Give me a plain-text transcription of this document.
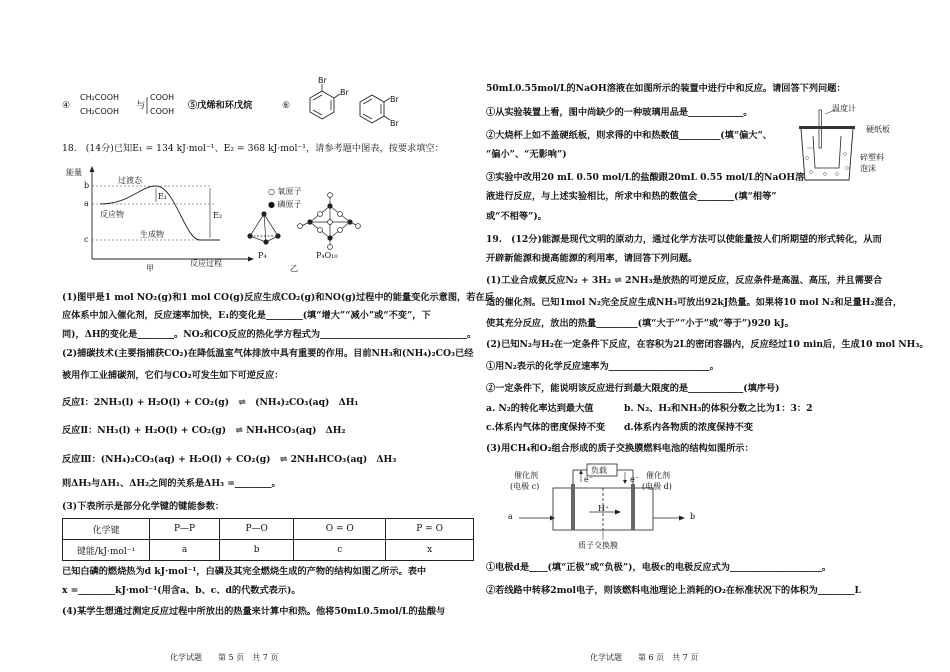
④
CH₂COOH
CH₂COOH
与
COOH
COOH
⑤戊烯和环戊烷	⑥
Br
Br
Br
Br
18.　(14分)已知E₁ = 134 kJ·mol⁻¹、E₂ = 368 kJ·mol⁻¹，请参考题中图表，按要求填空：
能量
b
a
c
过渡态
反应物
生成物
E₁
E₂
反应过程
甲
○ 氧原子
● 磷原子
P₄	P₄O₁₀
乙
(1)图甲是1 mol NO₂(g)和1 mol CO(g)反应生成CO₂(g)和NO(g)过程中的能量变化示意图，若在反
应体系中加入催化剂，反应速率加快，E₁的变化是________(填“增大”“减小”或“不变”，下
同)，ΔH的变化是________。NO₂和CO反应的热化学方程式为________________________________。
(2)捕碳技术(主要指捕获CO₂)在降低温室气体排放中具有重要的作用。目前NH₃和(NH₄)₂CO₃已经
被用作工业捕碳剂，它们与CO₂可发生如下可逆反应：
反应Ⅰ：2NH₃(l) + H₂O(l) + CO₂(g)　⇌　(NH₄)₂CO₃(aq)　ΔH₁
反应Ⅱ：NH₃(l) + H₂O(l) + CO₂(g)　⇌ NH₄HCO₃(aq)　ΔH₂
反应Ⅲ：(NH₄)₂CO₃(aq) + H₂O(l) + CO₂(g)　⇌ 2NH₄HCO₃(aq)　ΔH₃
则ΔH₃与ΔH₁、ΔH₂之间的关系是ΔH₃ =________。
(3)下表所示是部分化学键的键能参数：
化学键	P—P	P—O	O = O	P = O
键能/kJ·mol⁻¹	a	b	c	x
已知白磷的燃烧热为d kJ·mol⁻¹，白磷及其完全燃烧生成的产物的结构如图乙所示。表中
x =________kJ·mol⁻¹(用含a、b、c、d的代数式表示)。
(4)某学生想通过测定反应过程中所放出的热量来计算中和热。他将50mL0.5mol/L的盐酸与
化学试题　　第 5 页　共 7 页
50mL0.55mol/L的NaOH溶液在如图所示的装置中进行中和反应。请回答下列问题：
①从实验装置上看，图中尚缺少的一种玻璃用品是____________。
②大烧杯上如不盖硬纸板，则求得的中和热数值_________(填“偏大”、
“偏小”、“无影响”)
③实验中改用20 mL 0.50 mol/L的盐酸跟20mL 0.55 mol/L的NaOH溶
液进行反应，与上述实验相比，所求中和热的数值会________(填“相等”
或“不相等”)。
温度计
硬纸板
碎塑料
泡沫
19.　(12分)能源是现代文明的原动力，通过化学方法可以使能量按人们所期望的形式转化，从而
开辟新能源和提高能源的利用率，请回答下列问题。
(1)工业合成氨反应N₂ + 3H₂ ⇌ 2NH₃是放热的可逆反应，反应条件是高温、高压，并且需要合
适的催化剂。已知1mol N₂完全反应生成NH₃可放出92kJ热量。如果将10 mol N₂和足量H₂混合，
使其充分反应，放出的热量_________(填“大于”“小于”或“等于”)920 kJ。
(2)已知N₂与H₂在一定条件下反应，在容积为2L的密闭容器内，反应经过10 min后，生成10 mol NH₃。
①用N₂表示的化学反应速率为______________________。
②一定条件下，能说明该反应进行到最大限度的是____________(填序号)
a. N₂的转化率达到最大值	b. N₂、H₂和NH₃的体积分数之比为1：3：2
c.体系内气体的密度保持不变 d.体系内各物质的浓度保持不变
(3)用CH₄和O₂组合形成的质子交换膜燃料电池的结构如图所示：
负载
催化剂
(电极 c)
催化剂
(电极 d)
e⁻	e⁻
H⁺
a	b
质子交换膜
①电极d是____(填“正极”或“负极”)，电极c的电极反应式为____________________。
②若线路中转移2mol电子，则该燃料电池理论上消耗的O₂在标准状况下的体积为________L
化学试题　　第 6 页　共 7 页
